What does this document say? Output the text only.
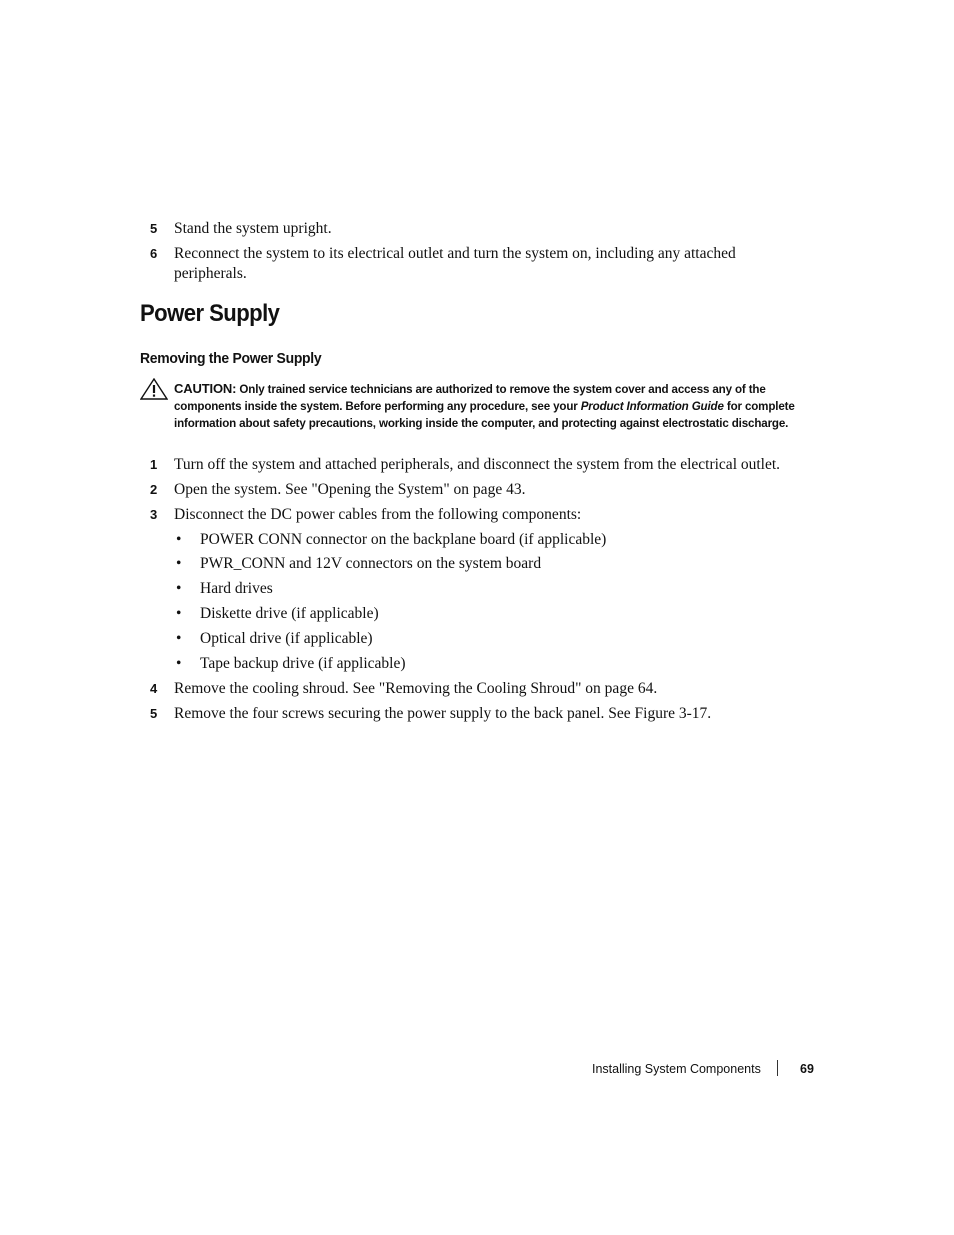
5 Stand the system upright.
6 Reconnect the system to its electrical outlet and turn the system on, including any attached peripherals.
Power Supply
Removing the Power Supply
CAUTION: Only trained service technicians are authorized to remove the system cover and access any of the components inside the system. Before performing any procedure, see your Product Information Guide for complete information about safety precautions, working inside the computer, and protecting against electrostatic discharge.
1 Turn off the system and attached peripherals, and disconnect the system from the electrical outlet.
2 Open the system. See "Opening the System" on page 43.
3 Disconnect the DC power cables from the following components:
• POWER CONN connector on the backplane board (if applicable)
• PWR_CONN and 12V connectors on the system board
• Hard drives
• Diskette drive (if applicable)
• Optical drive (if applicable)
• Tape backup drive (if applicable)
4 Remove the cooling shroud. See "Removing the Cooling Shroud" on page 64.
5 Remove the four screws securing the power supply to the back panel. See Figure 3-17.
Installing System Components	69
